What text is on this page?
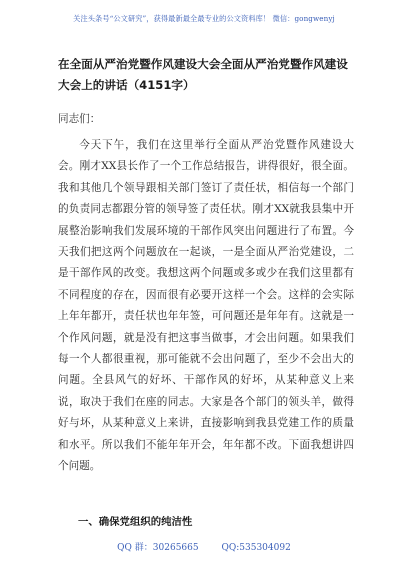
关注头条号“公文研究”，获得最新最全最专业的公文资料库！ 微信：gongwenyj
在全面从严治党暨作风建设大会全面从严治党暨作风建设大会上的讲话（4151字）
同志们：

今天下午，我们在这里举行全面从严治党暨作风建设大会。刚才XX县长作了一个工作总结报告，讲得很好，很全面。我和其他几个领导跟相关部门签订了责任状，相信每一个部门的负责同志都跟分管的领导签了责任状。刚才XX就我县集中开展整治影响我们发展环境的干部作风突出问题进行了布置。今天我们把这两个问题放在一起谈，一是全面从严治党建设，二是干部作风的改变。我想这两个问题或多或少在我们这里都有不同程度的存在，因而很有必要开这样一个会。这样的会实际上年年都开，责任状也年年签，可问题还是年年有。这就是一个作风问题，就是没有把这事当做事，才会出问题。如果我们每一个人都很重视，那可能就不会出问题了，至少不会出大的问题。全县风气的好坏、干部作风的好坏，从某种意义上来说，取决于我们在座的同志。大家是各个部门的领头羊，做得好与坏，从某种意义上来讲，直接影响到我县党建工作的质量和水平。所以我们不能年年开会，年年都不改。下面我想讲四个问题。

一、确保党组织的纯洁性
QQ 群：30265665	QQ:535304092
